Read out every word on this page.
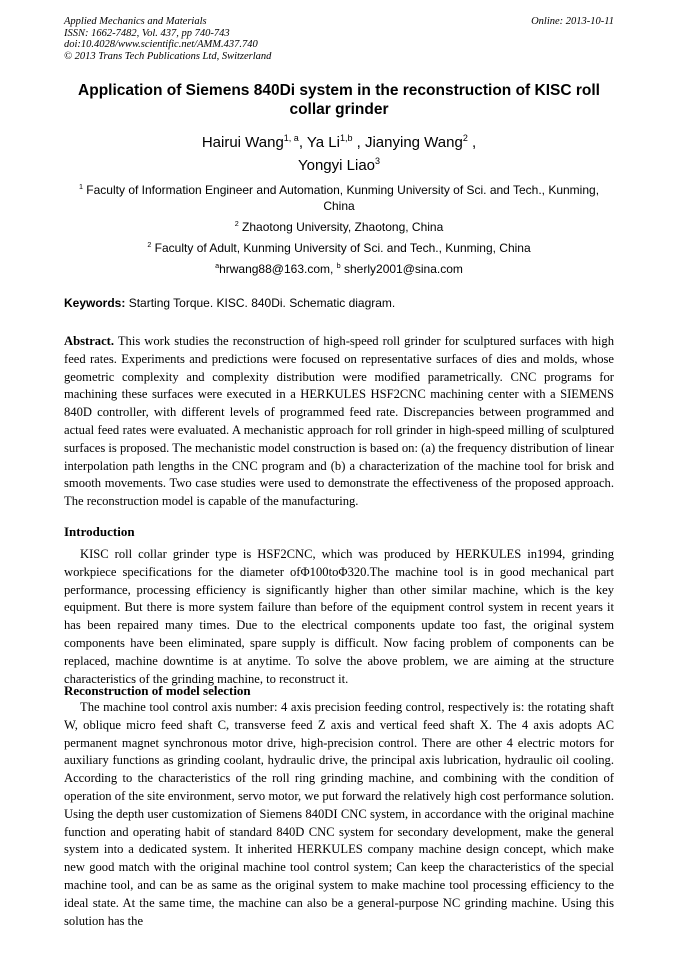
Applied Mechanics and Materials
ISSN: 1662-7482, Vol. 437, pp 740-743
doi:10.4028/www.scientific.net/AMM.437.740
© 2013 Trans Tech Publications Ltd, Switzerland
Online: 2013-10-11
Application of Siemens 840Di system in the reconstruction of KISC roll collar grinder
Hairui Wang$^{1, a}$, Ya Li$^{1,b}$ , Jianying Wang$^2$ ,
Yongyi Liao$^3$
$^1$ Faculty of Information Engineer and Automation, Kunming University of Sci. and Tech., Kunming, China
$^2$ Zhaotong University, Zhaotong, China
$^2$ Faculty of Adult, Kunming University of Sci. and Tech., Kunming, China
$^a$hrwang88@163.com, $^b$ sherly2001@sina.com
Keywords: Starting Torque. KISC. 840Di. Schematic diagram.
Abstract. This work studies the reconstruction of high-speed roll grinder for sculptured surfaces with high feed rates. Experiments and predictions were focused on representative surfaces of dies and molds, whose geometric complexity and complexity distribution were modified parametrically. CNC programs for machining these surfaces were executed in a HERKULES HSF2CNC machining center with a SIEMENS 840D controller, with different levels of programmed feed rate. Discrepancies between programmed and actual feed rates were evaluated. A mechanistic approach for roll grinder in high-speed milling of sculptured surfaces is proposed. The mechanistic model construction is based on: (a) the frequency distribution of linear interpolation path lengths in the CNC program and (b) a characterization of the machine tool for brisk and smooth movements. Two case studies were used to demonstrate the effectiveness of the proposed approach. The reconstruction model is capable of the manufacturing.
Introduction
KISC roll collar grinder type is HSF2CNC, which was produced by HERKULES in1994, grinding workpiece specifications for the diameter ofΦ100toΦ320.The machine tool is in good mechanical part performance, processing efficiency is significantly higher than other similar machine, which is the key equipment. But there is more system failure than before of the equipment control system in recent years it has been repaired many times. Due to the electrical components update too fast, the original system components have been eliminated, spare supply is difficult. Now facing problem of components can be replaced, machine downtime is at anytime. To solve the above problem, we are aiming at the structure characteristics of the grinding machine, to reconstruct it.
Reconstruction of model selection
The machine tool control axis number: 4 axis precision feeding control, respectively is: the rotating shaft W, oblique micro feed shaft C, transverse feed Z axis and vertical feed shaft X. The 4 axis adopts AC permanent magnet synchronous motor drive, high-precision control. There are other 4 electric motors for auxiliary functions as grinding coolant, hydraulic drive, the principal axis lubrication, hydraulic oil cooling. According to the characteristics of the roll ring grinding machine, and combining with the condition of operation of the site environment, servo motor, we put forward the relatively high cost performance solution. Using the depth user customization of Siemens 840DI CNC system, in accordance with the original machine function and operating habit of standard 840D CNC system for secondary development, make the general system into a dedicated system. It inherited HERKULES company machine design concept, which make new good match with the original machine tool control system; Can keep the characteristics of the special machine tool, and can be as same as the original system to make machine tool processing efficiency to the ideal state. At the same time, the machine can also be a general-purpose NC grinding machine. Using this solution has the
